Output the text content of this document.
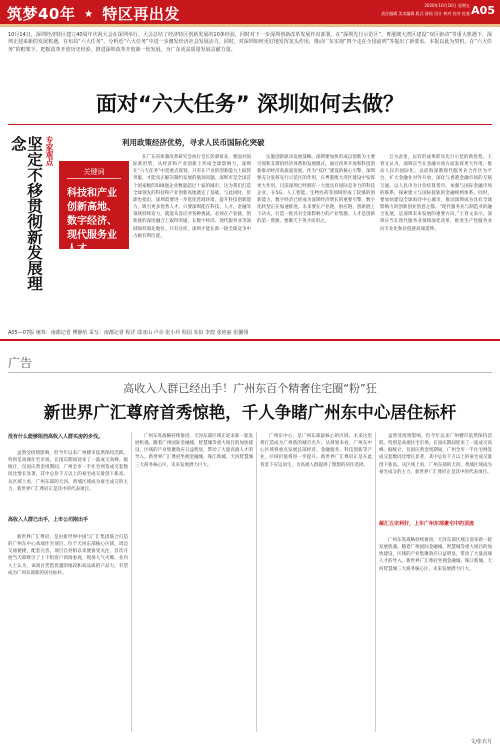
筑梦40年 ★ 特区再出发	2020年10月16日 星期五
责任编辑 美术编辑 版式 排校 设计 核对 校对 检查 A05
10月14日，深圳经济特区建立40周年庆祝大会在深圳举行。大会总结了经济特区创新发展的10条经验，同时对下一步深圳创新改革发展作出部署。在“深圳先行示范区”、粤港澳大湾区建设“双区驱动”等重大机遇下，深圳正迎来新的发展机遇，在布局“六大任务”、分析近“六大任务”中进一步激发经济社会发展活力。同时，对深圳如何更好地发挥龙头作用，推动广东实现“四个走在全国前列”等提出了新要求。本报以此为契机，在“六大任务”的框架下，把握改革开放历史经验，推进深圳改革开放新一轮发展，为广东更高质量发展贡献力量。
面对“六大任务” 深圳如何去做？
坚定不移贯彻新发展理念	专家观点	利用政策经济优势，寻求人民币国际化突破
关键词
科技和产业创新高地、数字经济、现代服务业人才

在广东省体制改革研究会执行会长彭澎看来，要面对国际新形势，从经济和产业创新上形成全球影响力，深圳在“六大任务”中需重点谋划。只有在产业的创新能力上取得突破，才能真正解决制约发展的瓶颈问题。深圳市是全国首个国家级的500强企业数量超过十家的城市，这为我们打造全球领先的科技和产业创新高地奠定了基础。与此同时，彭澎也指出，深圳需要进一步优化营商环境，提升科技创新能力，吸引更多优秀人才。只要深圳能在科技、人才、金融等领域持续发力，就能从容应对各种挑战。必须在产业链、创新链的深度融合上取得突破，在数字经济、现代服务业等领域保持领先地位。只有这样，深圳才能在新一轮全球竞争中占据有利位置。

实施创新驱动发展战略，深圳要加快形成以创新为主要引领和支撑的经济体系和发展模式，通过改革开放和科技创新推动经济高质量发展。作为“双区”建设的核心引擎，深圳要充分发挥先行示范区的作用，在粤港澳大湾区建设中发挥更大作用。目前深圳已经拥有一大批具有国际竞争力的科技企业，在5G、人工智能、生物医药等领域形成了较强的创新能力。数字经济已经成为深圳经济增长的重要引擎，数字化转型正在加速推进。未来要在产业链、供应链、创新链上下功夫，打造一批具有全球影响力的产业集群。人才是创新的第一资源，要聚天下英才而用之。

互为表里，以有形成果彰显先行示范的新优势。王春文认为，深圳应当在金融开放方面发挥更大作用，推动人民币国际化，以前海深港现代服务业合作区为平台，扩大金融业对外开放，深化与香港金融市场的互联互通。以人民币为计价结算货币，加强与国际金融市场的联系，探索建立与国际接轨的金融规则体系。同时，要加快建设全球海洋中心城市，推动深圳成为具有全球影响力的创新创业创意之都。“现代服务业与制造业的融合发展，是深圳未来发展的重要方向。”王春文表示，深圳应当在现代服务业领域深化改革，推进生产性服务业向专业化和价值链高端延伸。

A05—07版 统筹：南都记者 傅静怡 采写：南都记者 程洋 邱亚山 卢亮 张小玲 程园 朱佰 李煌 张艳丽 张馨翎
广告
高收入人群已经出手！广州东百个精奢住宅圈“粉”狂
新世界广汇尊府首秀惊艳，千人争睹广州东中心居住标杆
没有什么能够阻挡高收入人群买房的步伐。

虽然受疫情影响，但今年以来广州楼市依然保持活跃。特别是高端住宅市场，在国庆期间迎来了一波成交高峰。据统计，仅国庆黄金周期间，广州全市一手住宅网签成交套数同比增长显著，其中总价千万以上的豪宅成交量创下新高。从区域上看，广州东部的天河、黄埔区域成为豪宅成交的主力，新世界广汇尊府正是其中的代表项目。

高收入人群已出手，上市公司刚出手

新世界广汇尊府，是由新世界中国与广汇集团联合打造的广州东中心高端住宅项目，位于天河东部核心区域，周边交通便捷，配套完善。项目自亮相以来便备受关注，首次开放当天即吸引了上千组客户到场参观，现场人气火爆。业内人士认为，该项目凭借优越的地段和高品质的产品力，有望成为广州东部新的居住标杆。

广州东进战略持续推进，天河东部区域正迎来新一轮发展机遇。随着广州国际金融城、智慧城等重大项目的加快建设，区域的产业集聚效应日益明显，带动了大量高端人才的导入。新世界广汇尊府坐拥金融城、珠江新城、天河智慧城三大商务核心区，未来发展潜力巨大。

广州东中心，是广州东部最核心的区域，未来这里将打造成为广州新的城市名片。从规划来看，广州东中心区域将重点发展总部经济、金融服务、科技创新等产业，区域价值将进一步提升。新世界广汇尊府正是在此背景下应运而生，为高端人群提供了理想的居住选择。

凝汇五宗利好，上车广州东部豪宅中的顶流

虽然受疫情影响，但今年以来广州楼市依然保持活跃。特别是高端住宅市场，在国庆期间迎来了一波成交高峰。据统计，仅国庆黄金周期间，广州全市一手住宅网签成交套数同比增长显著，其中总价千万以上的豪宅成交量创下新高。从区域上看，广州东部的天河、黄埔区域成为豪宅成交的主力，新世界广汇尊府正是其中的代表项目。

广州东进战略持续推进，天河东部区域正迎来新一轮发展机遇。随着广州国际金融城、智慧城等重大项目的加快建设，区域的产业集聚效应日益明显，带动了大量高端人才的导入。新世界广汇尊府坐拥金融城、珠江新城、天河智慧城三大商务核心区，未来发展潜力巨大。

文/张衣月
